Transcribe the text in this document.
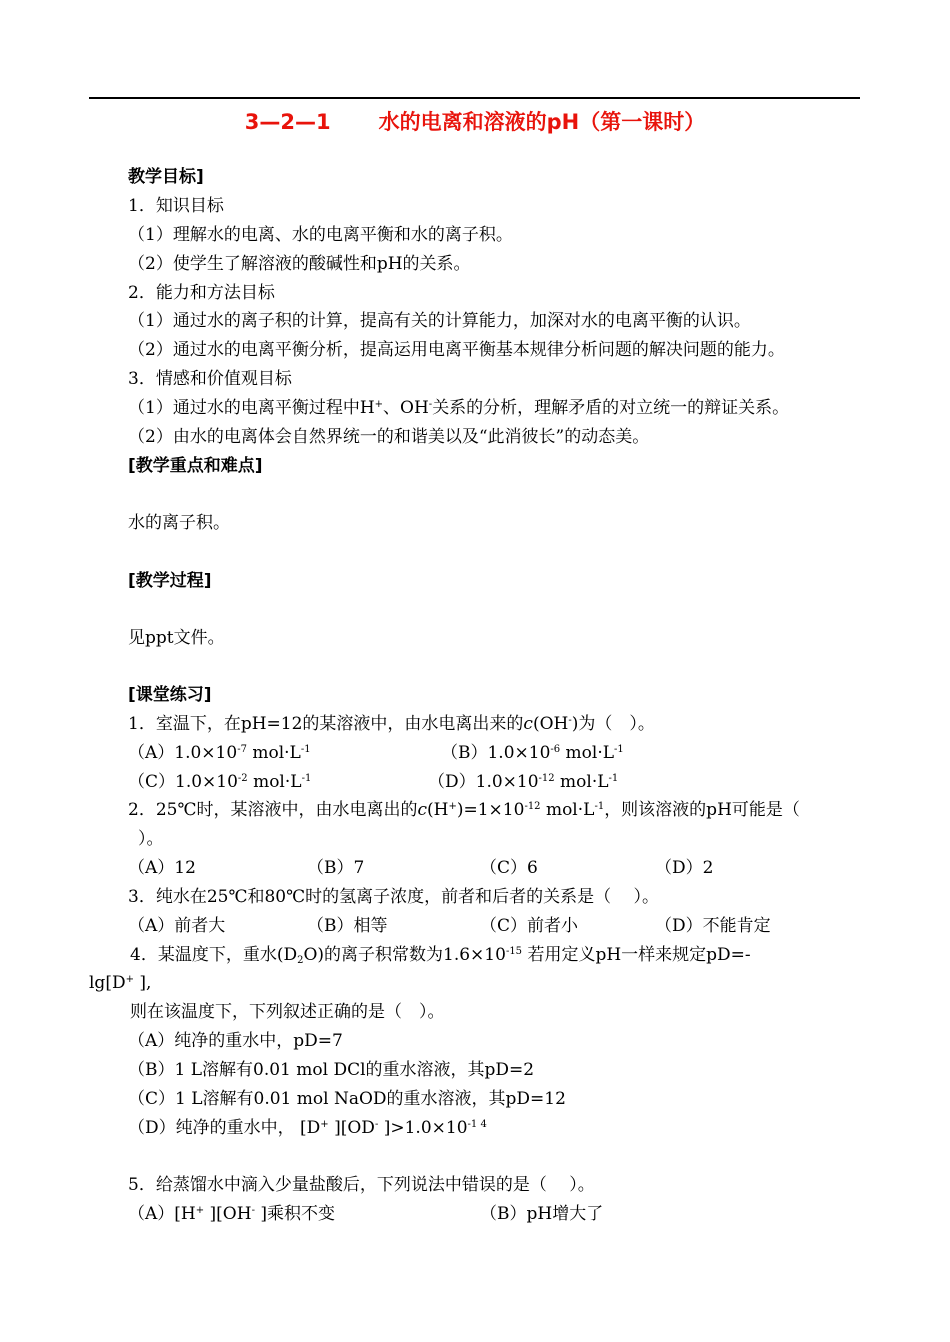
3—2—1 水的电离和溶液的pH（第一课时）
教学目标]
1．知识目标
（1）理解水的电离、水的电离平衡和水的离子积。
（2）使学生了解溶液的酸碱性和pH的关系。
2．能力和方法目标
（1）通过水的离子积的计算，提高有关的计算能力，加深对水的电离平衡的认识。
（2）通过水的电离平衡分析，提高运用电离平衡基本规律分析问题的解决问题的能力。
3．情感和价值观目标
（1）通过水的电离平衡过程中H+、OH-关系的分析，理解矛盾的对立统一的辩证关系。
（2）由水的电离体会自然界统一的和谐美以及“此消彼长”的动态美。
[教学重点和难点]
水的离子积。
[教学过程]
见ppt文件。
[课堂练习]
1．室温下，在pH=12的某溶液中，由水电离出来的c(OH-)为（　）。
$(A)1.0\times 10^{-7}$ $mol\cdot L^{-1}$	$(B)1.0\times 10^{-6}$ $mol\cdot L^{-1}$
$(C)1.0\times 10^{-2}$ $mol\cdot L^{-1}$	$(D)1.0\times 10^{-12}$ $mol\cdot L^{-1}$
2．25℃时，某溶液中，由水电离出的$c(H^+)=1\times 10^{-12}$ $mol\cdot L^{-1}$，则该溶液的pH可能是（
）。
（A）12	（B）7	（C）6	（D）2
3．纯水在25℃和80℃时的氢离子浓度，前者和后者的关系是（　 ）。
（A）前者大	（B）相等	（C）前者小	（D）不能肯定
4．某温度下，重水$(D_2O)$的离子积常数为$1.6\times 10^{-15}$ 若用定义pH一样来规定pD=-
lg[D+ ],
则在该温度下，下列叙述正确的是（　）。
（A）纯净的重水中，pD=7
（B）1 L溶解有0.01 mol DCl的重水溶液，其pD=2
（C）1 L溶解有0.01 mol NaOD的重水溶液，其pD=12
（D）纯净的重水中， [D+ ][OD- ]$>1.0\times 10^{-1 4}$
5．给蒸馏水中滴入少量盐酸后，下列说法中错误的是（　 ）。
（A）[H+ ][OH- ]乘积不变	（B）pH增大了
